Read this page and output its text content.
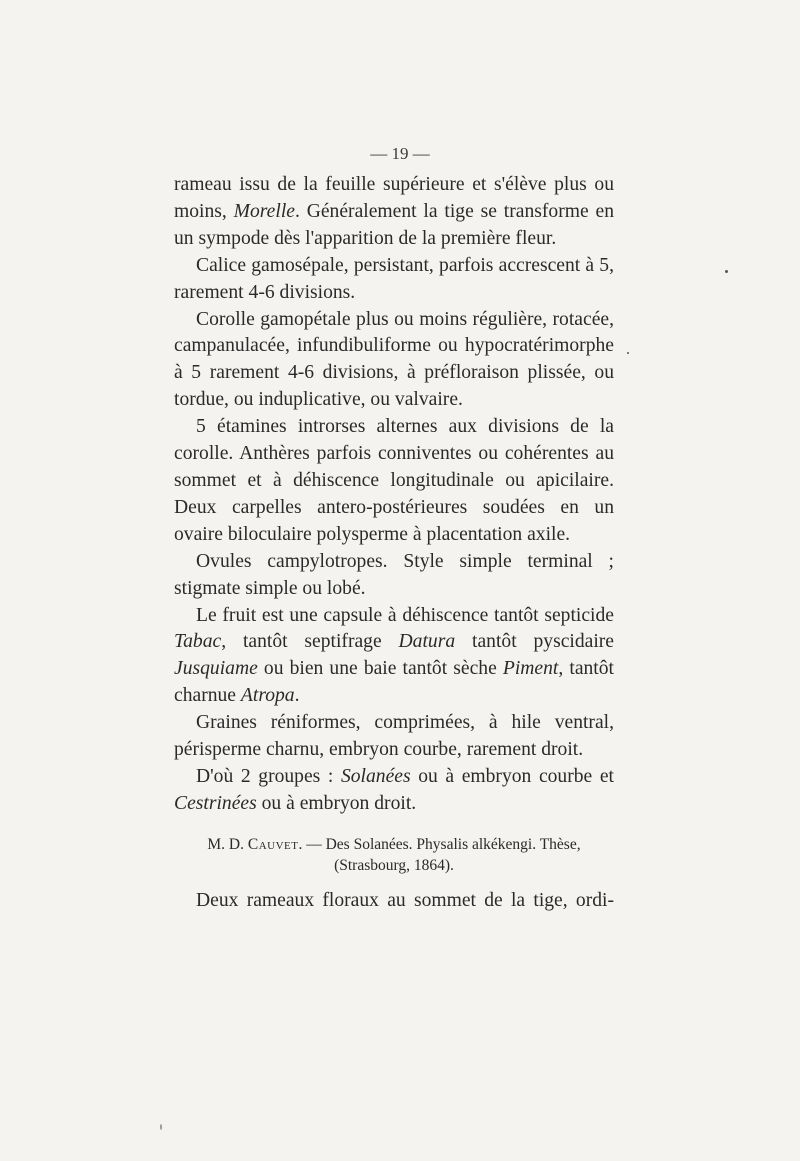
— 19 —

rameau issu de la feuille supérieure et s'élève plus ou moins, Morelle. Généralement la tige se transforme en un sympode dès l'apparition de la première fleur.

Calice gamosépale, persistant, parfois accrescent à 5, rarement 4-6 divisions.

Corolle gamopétale plus ou moins régulière, rotacée, campanulacée, infundibuliforme ou hypocratérimorphe à 5 rarement 4-6 divisions, à préfloraison plissée, ou tordue, ou induplicative, ou valvaire.

5 étamines introrses alternes aux divisions de la corolle. Anthères parfois conniventes ou cohérentes au sommet et à déhiscence longitudinale ou apicilaire. Deux carpelles antero-postérieures soudées en un ovaire biloculaire polysperme à placentation axile.

Ovules campylotropes. Style simple terminal ; stigmate simple ou lobé.

Le fruit est une capsule à déhiscence tantôt septicide Tabac, tantôt septifrage Datura tantôt pyscidaire Jusquiame ou bien une baie tantôt sèche Piment, tantôt charnue Atropa.

Graines réniformes, comprimées, à hile ventral, périsperme charnu, embryon courbe, rarement droit.

D'où 2 groupes : Solanées ou à embryon courbe et Cestrinées ou à embryon droit.

M. D. Cauvet. — Des Solanées. Physalis alkékengi. Thèse,
(Strasbourg, 1864).

Deux rameaux floraux au sommet de la tige, ordi-
